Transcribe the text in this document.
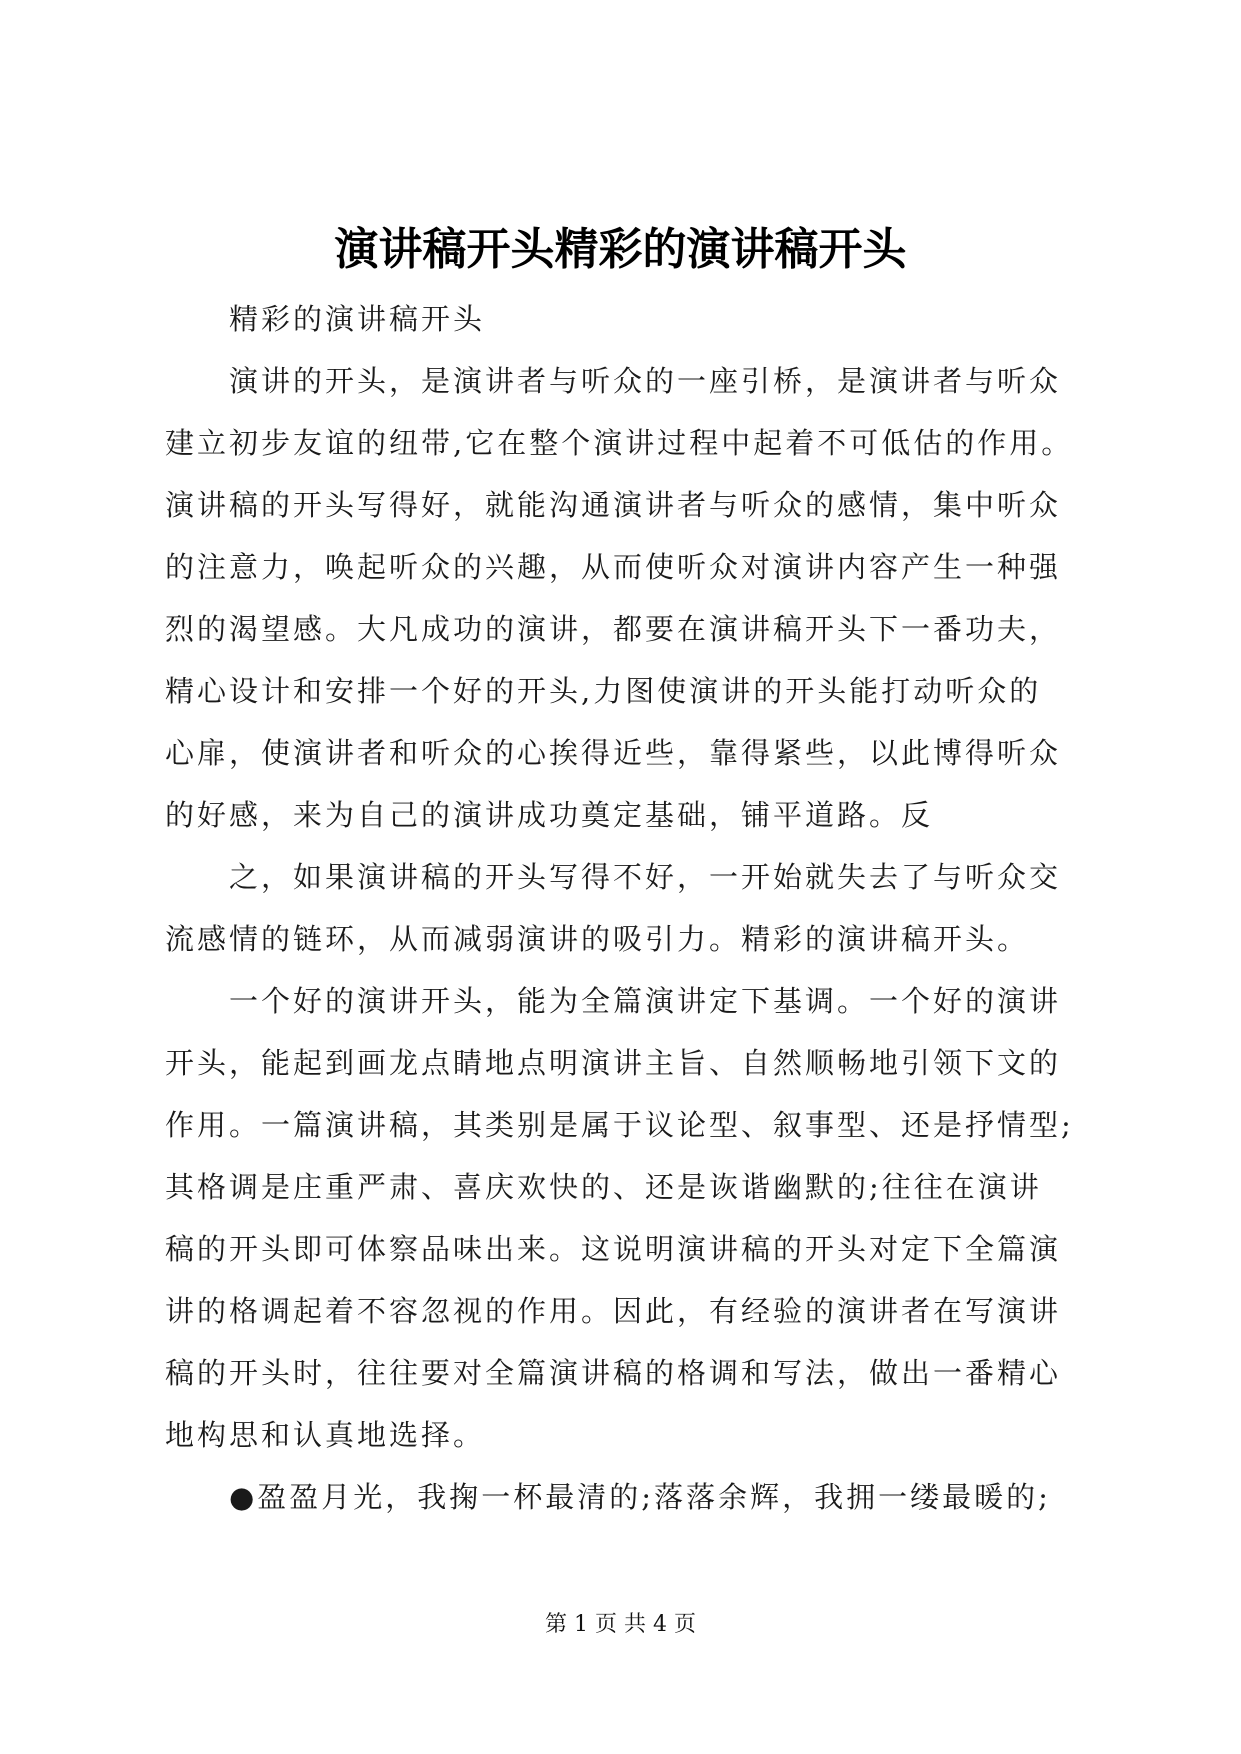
演讲稿开头精彩的演讲稿开头

　　精彩的演讲稿开头

　　演讲的开头，是演讲者与听众的一座引桥，是演讲者与听众
建立初步友谊的纽带,它在整个演讲过程中起着不可低估的作用。
演讲稿的开头写得好，就能沟通演讲者与听众的感情，集中听众
的注意力，唤起听众的兴趣，从而使听众对演讲内容产生一种强
烈的渴望感。大凡成功的演讲，都要在演讲稿开头下一番功夫，
精心设计和安排一个好的开头,力图使演讲的开头能打动听众的
心扉，使演讲者和听众的心挨得近些，靠得紧些，以此博得听众
的好感，来为自己的演讲成功奠定基础，铺平道路。反

　　之，如果演讲稿的开头写得不好，一开始就失去了与听众交
流感情的链环，从而减弱演讲的吸引力。精彩的演讲稿开头。

　　一个好的演讲开头，能为全篇演讲定下基调。一个好的演讲
开头，能起到画龙点睛地点明演讲主旨、自然顺畅地引领下文的
作用。一篇演讲稿，其类别是属于议论型、叙事型、还是抒情型;
其格调是庄重严肃、喜庆欢快的、还是诙谐幽默的;往往在演讲
稿的开头即可体察品味出来。这说明演讲稿的开头对定下全篇演
讲的格调起着不容忽视的作用。因此，有经验的演讲者在写演讲
稿的开头时，往往要对全篇演讲稿的格调和写法，做出一番精心
地构思和认真地选择。

　　●盈盈月光，我掬一杯最清的;落落余辉，我拥一缕最暖的;

第 1 页 共 4 页
